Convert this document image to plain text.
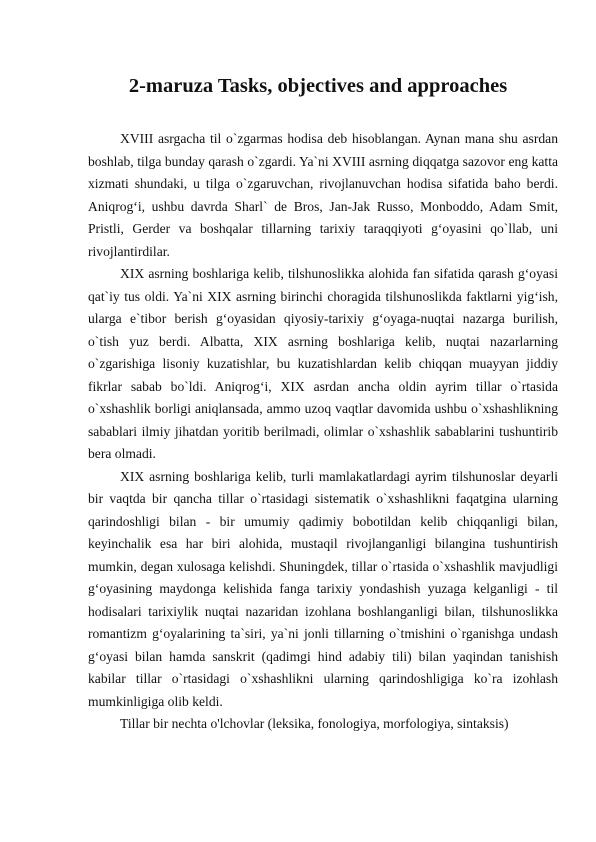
2-maruza Tasks, objectives and approaches

XVIII asrgacha til o`zgarmas hodisa deb hisoblangan. Aynan mana shu asrdan boshlab, tilga bunday qarash o`zgardi. Ya`ni XVIII asrning diqqatga sazovor eng katta xizmati shundaki, u tilga o`zgaruvchan, rivojlanuvchan hodisa sifatida baho berdi. Aniqrog‘i, ushbu davrda Sharl` de Bros, Jan-Jak Russo, Monboddo, Adam Smit, Pristli, Gerder va boshqalar tillarning tarixiy taraqqiyoti g‘oyasini qo`llab, uni rivojlantirdilar.

XIX asrning boshlariga kelib, tilshunoslikka alohida fan sifatida qarash g‘oyasi qat`iy tus oldi. Ya`ni XIX asrning birinchi choragida tilshunoslikda faktlarni yig‘ish, ularga e`tibor berish g‘oyasidan qiyosiy-tarixiy g‘oyaga-nuqtai nazarga burilish, o`tish yuz berdi. Albatta, XIX asrning boshlariga kelib, nuqtai nazarlarning o`zgarishiga lisoniy kuzatishlar, bu kuzatishlardan kelib chiqqan muayyan jiddiy fikrlar sabab bo`ldi. Aniqrog‘i, XIX asrdan ancha oldin ayrim tillar o`rtasida o`xshashlik borligi aniqlansada, ammo uzoq vaqtlar davomida ushbu o`xshashlikning sabablari ilmiy jihatdan yoritib berilmadi, olimlar o`xshashlik sabablarini tushuntirib bera olmadi.

XIX asrning boshlariga kelib, turli mamlakatlardagi ayrim tilshunoslar deyarli bir vaqtda bir qancha tillar o`rtasidagi sistematik o`xshashlikni faqatgina ularning qarindoshligi bilan - bir umumiy qadimiy bobotildan kelib chiqqanligi bilan, keyinchalik esa har biri alohida, mustaqil rivojlanganligi bilangina tushuntirish mumkin, degan xulosaga kelishdi. Shuningdek, tillar o`rtasida o`xshashlik mavjudligi g‘oyasining maydonga kelishida fanga tarixiy yondashish yuzaga kelganligi - til hodisalari tarixiylik nuqtai nazaridan izohlana boshlanganligi bilan, tilshunoslikka romantizm g‘oyalarining ta`siri, ya`ni jonli tillarning o`tmishini o`rganishga undash g‘oyasi bilan hamda sanskrit (qadimgi hind adabiy tili) bilan yaqindan tanishish kabilar tillar o`rtasidagi o`xshashlikni ularning qarindoshligiga ko`ra izohlash mumkinligiga olib keldi.

Tillar bir nechta o'lchovlar (leksika, fonologiya, morfologiya, sintaksis)
